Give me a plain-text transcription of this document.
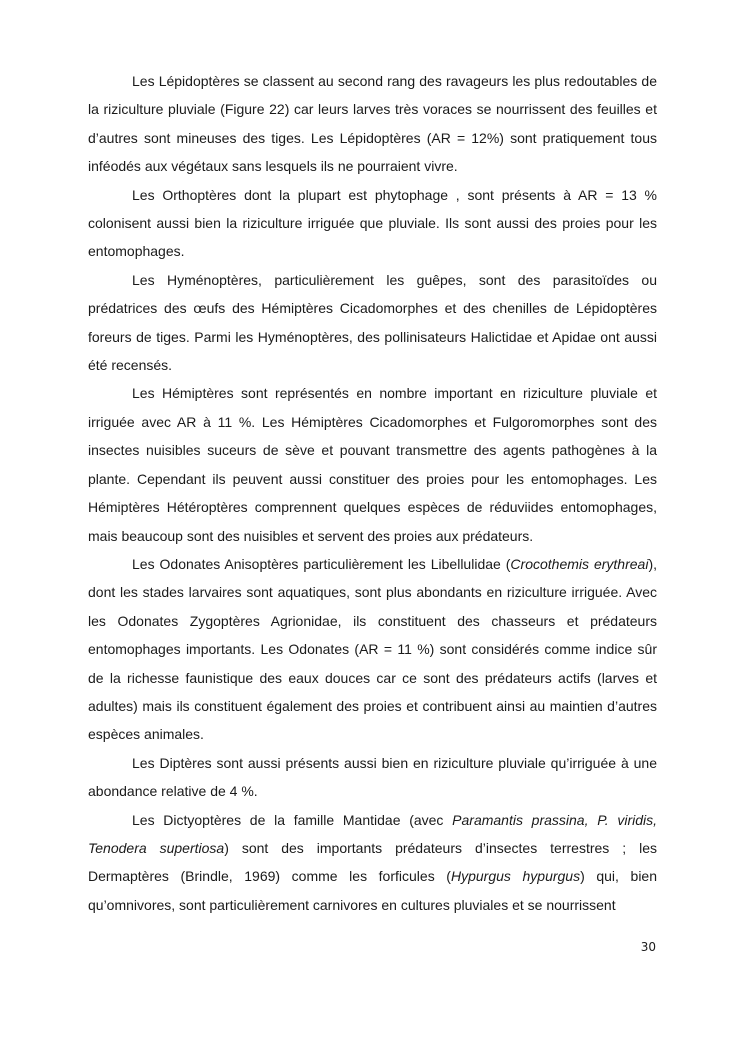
Les Lépidoptères se classent au second rang des ravageurs les plus redoutables de la riziculture pluviale (Figure 22) car leurs larves très voraces se nourrissent des feuilles et d’autres sont mineuses des tiges. Les Lépidoptères (AR = 12%) sont pratiquement tous inféodés aux végétaux sans lesquels ils ne pourraient vivre.

Les Orthoptères dont la plupart est phytophage , sont présents à AR = 13 % colonisent aussi bien la riziculture irriguée que pluviale. Ils sont aussi des proies pour les entomophages.

Les Hyménoptères, particulièrement les guêpes, sont des parasitoïdes ou prédatrices des œufs des Hémiptères Cicadomorphes et des chenilles de Lépidoptères foreurs de tiges. Parmi les Hyménoptères, des pollinisateurs Halictidae et Apidae ont aussi été recensés.

Les Hémiptères sont représentés en nombre important en riziculture pluviale et irriguée avec AR à 11 %. Les Hémiptères Cicadomorphes et Fulgoromorphes sont des insectes nuisibles suceurs de sève et pouvant transmettre des agents pathogènes à la plante. Cependant ils peuvent aussi constituer des proies pour les entomophages. Les Hémiptères Hétéroptères comprennent quelques espèces de réduviides entomophages, mais beaucoup sont des nuisibles et servent des proies aux prédateurs.

Les Odonates Anisoptères particulièrement les Libellulidae (Crocothemis erythreai), dont les stades larvaires sont aquatiques, sont plus abondants en riziculture irriguée. Avec les Odonates Zygoptères Agrionidae, ils constituent des chasseurs et prédateurs entomophages importants. Les Odonates (AR = 11 %) sont considérés comme indice sûr de la richesse faunistique des eaux douces car ce sont des prédateurs actifs (larves et adultes) mais ils constituent également des proies et contribuent ainsi au maintien d’autres espèces animales.

Les Diptères sont aussi présents aussi bien en riziculture pluviale qu’irriguée à une abondance relative de 4 %.

Les Dictyoptères de la famille Mantidae (avec Paramantis prassina, P. viridis, Tenodera supertiosa) sont des importants prédateurs d’insectes terrestres ; les Dermaptères (Brindle, 1969) comme les forficules (Hypurgus hypurgus) qui, bien qu’omnivores, sont particulièrement carnivores en cultures pluviales et se nourrissent

30
